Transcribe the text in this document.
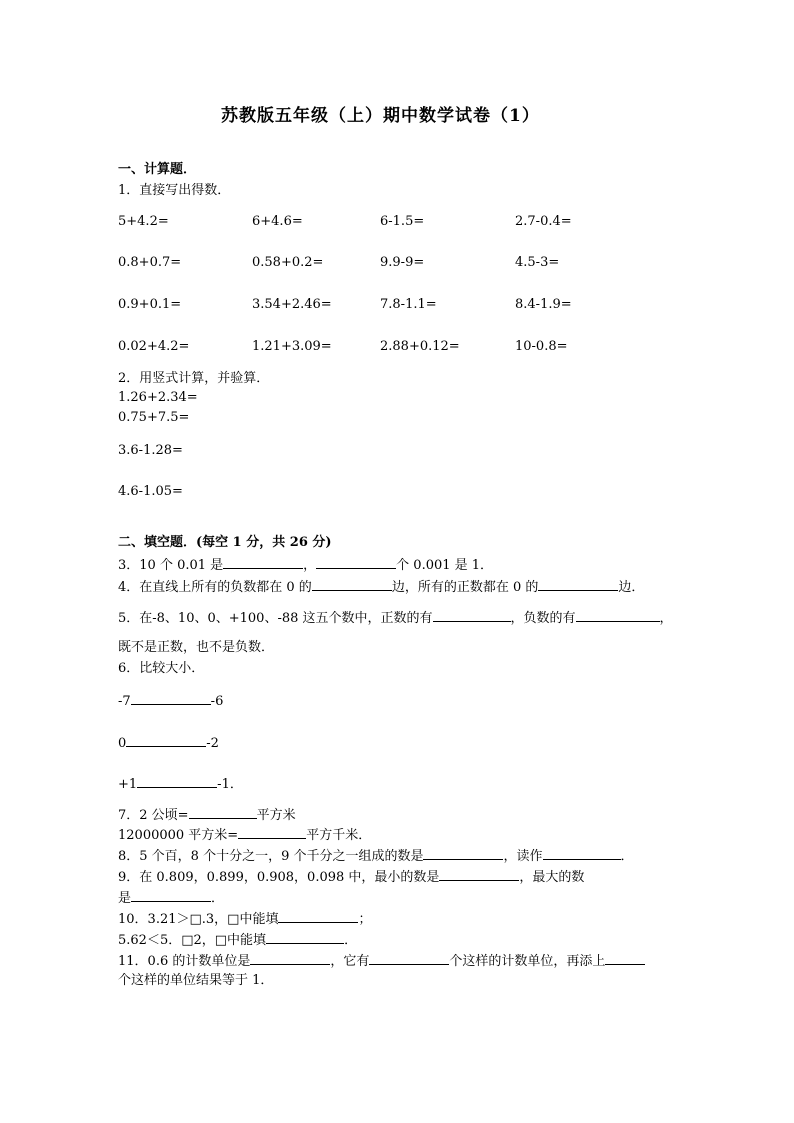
苏教版五年级（上）期中数学试卷（1）
一、计算题．
1．直接写出得数．
5+4.2=	6+4.6=	6-1.5=	2.7-0.4=
0.8+0.7=	0.58+0.2=	9.9-9=	4.5-3=
0.9+0.1=	3.54+2.46=	7.8-1.1=	8.4-1.9=
0.02+4.2=	1.21+3.09=	2.88+0.12=	10-0.8=
2．用竖式计算，并验算．
1.26+2.34=
0.75+7.5=
3.6-1.28=
4.6-1.05=
二、填空题．(每空 1 分，共 26 分)
3．10 个 0.01 是	，	个 0.001 是 1．
4．在直线上所有的负数都在 0 的	边，所有的正数都在 0 的	边．
5．在-8、10、0、+100、-88 这五个数中，正数的有	，负数的有	，
既不是正数，也不是负数．
6．比较大小．
-7	-6
0	-2
+1	-1．
7．2 公顷=	平方米
12000000 平方米=	平方千米．
8．5 个百，8 个十分之一，9 个千分之一组成的数是	，读作	．
9．在 0.809，0.899，0.908，0.098 中，最小的数是	，最大的数
是	．
10．3.21＞□.3，□中能填	；
5.62＜5．□2，□中能填	．
11．0.6 的计数单位是	，它有	个这样的计数单位，再添上
个这样的单位结果等于 1．
